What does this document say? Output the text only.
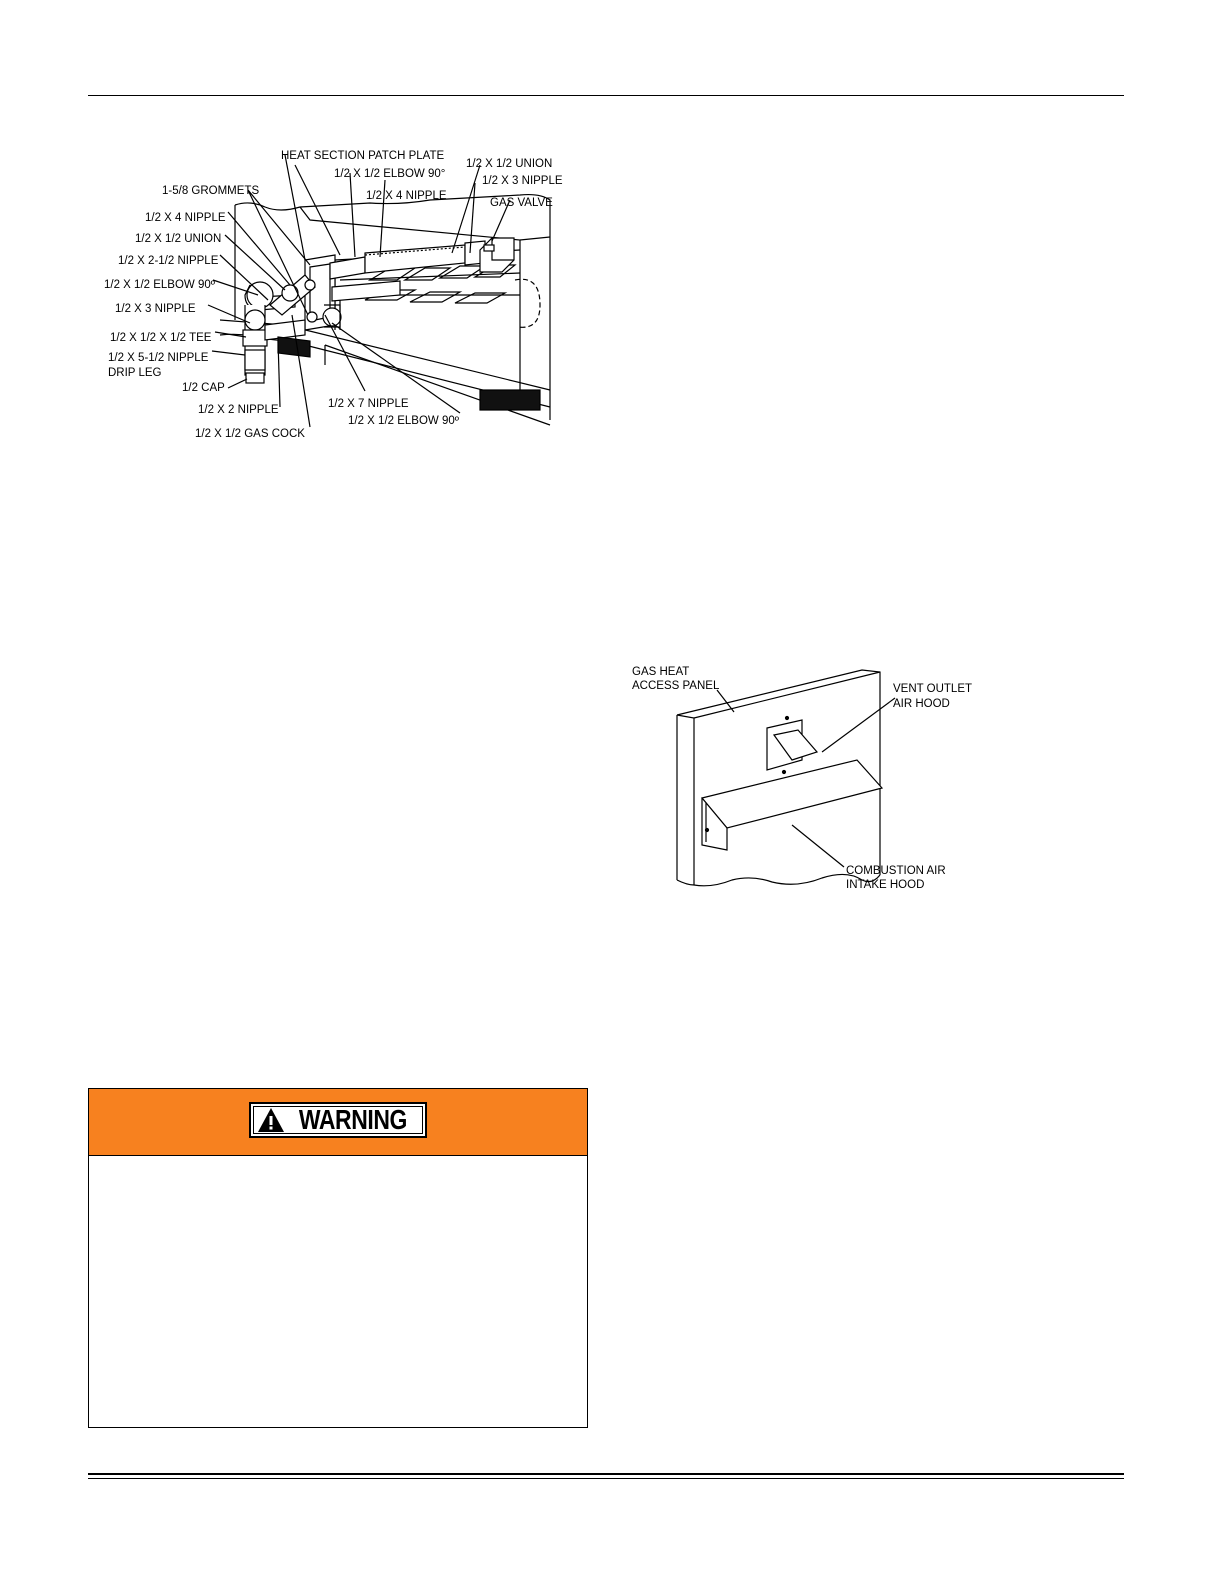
HEAT SECTION PATCH PLATE
1/2 X 1/2 UNION
1/2 X 1/2 ELBOW 90°
1/2 X 3 NIPPLE
1-5/8 GROMMETS	1/2 X 4 NIPPLE
GAS VALVE
1/2 X 4 NIPPLE
1/2 X 1/2 UNION
1/2 X 2-1/2 NIPPLE
1/2 X 1/2 ELBOW 90º
1/2 X 3 NIPPLE
1/2 X 1/2 X 1/2 TEE
1/2 X 5-1/2 NIPPLE
DRIP LEG
1/2 CAP
1/2 X 2 NIPPLE
1/2 X 1/2 GAS COCK
1/2 X 7 NIPPLE
1/2 X 1/2 ELBOW 90º
GAS HEAT
ACCESS PANEL	VENT OUTLET
AIR HOOD
COMBUSTION AIR
INTAKE HOOD
WARNING
